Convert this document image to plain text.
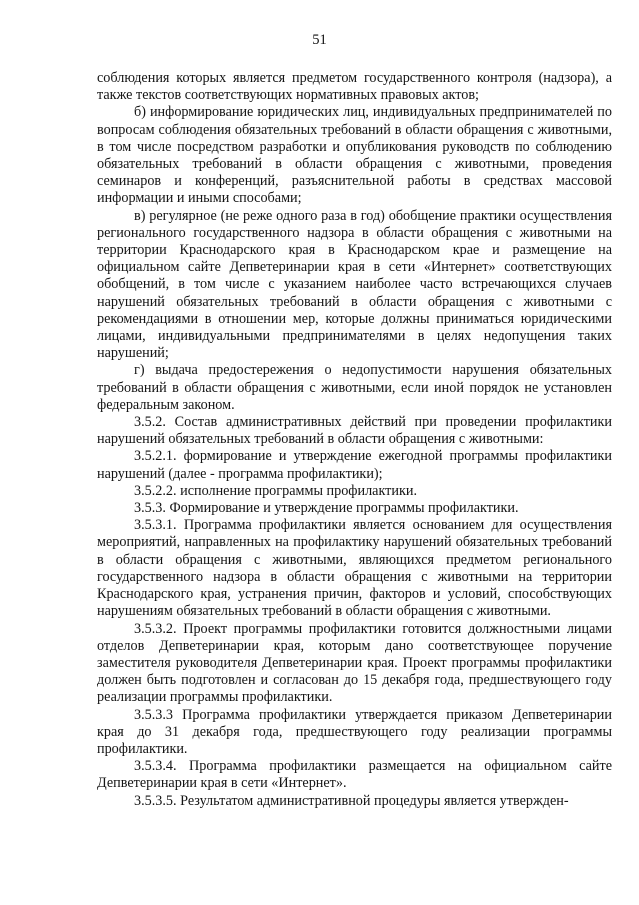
51

соблюдения которых является предметом государственного контроля (надзора), а также текстов соответствующих нормативных правовых актов;

б) информирование юридических лиц, индивидуальных предпринимателей по вопросам соблюдения обязательных требований в области обращения с животными, в том числе посредством разработки и опубликования руководств по соблюдению обязательных требований в области обращения с животными, проведения семинаров и конференций, разъяснительной работы в средствах массовой информации и иными способами;

в) регулярное (не реже одного раза в год) обобщение практики осуществления регионального государственного надзора в области обращения с животными на территории Краснодарского края в Краснодарском крае и размещение на официальном сайте Депветеринарии края в сети «Интернет» соответствующих обобщений, в том числе с указанием наиболее часто встречающихся случаев нарушений обязательных требований в области обращения с животными с рекомендациями в отношении мер, которые должны приниматься юридическими лицами, индивидуальными предпринимателями в целях недопущения таких нарушений;

г) выдача предостережения о недопустимости нарушения обязательных требований в области обращения с животными, если иной порядок не установлен федеральным законом.

3.5.2. Состав административных действий при проведении профилактики нарушений обязательных требований в области обращения с животными:

3.5.2.1. формирование и утверждение ежегодной программы профилактики нарушений (далее - программа профилактики);

3.5.2.2. исполнение программы профилактики.

3.5.3. Формирование и утверждение программы профилактики.

3.5.3.1. Программа профилактики является основанием для осуществления мероприятий, направленных на профилактику нарушений обязательных требований в области обращения с животными, являющихся предметом регионального государственного надзора в области обращения с животными на территории Краснодарского края, устранения причин, факторов и условий, способствующих нарушениям обязательных требований в области обращения с животными.

3.5.3.2. Проект программы профилактики готовится должностными лицами отделов Депветеринарии края, которым дано соответствующее поручение заместителя руководителя Депветеринарии края. Проект программы профилактики должен быть подготовлен и согласован до 15 декабря года, предшествующего году реализации программы профилактики.

3.5.3.3 Программа профилактики утверждается приказом Депветеринарии края до 31 декабря года, предшествующего году реализации программы профилактики.

3.5.3.4. Программа профилактики размещается на официальном сайте Депветеринарии края в сети «Интернет».

3.5.3.5. Результатом административной процедуры является утвержден-
